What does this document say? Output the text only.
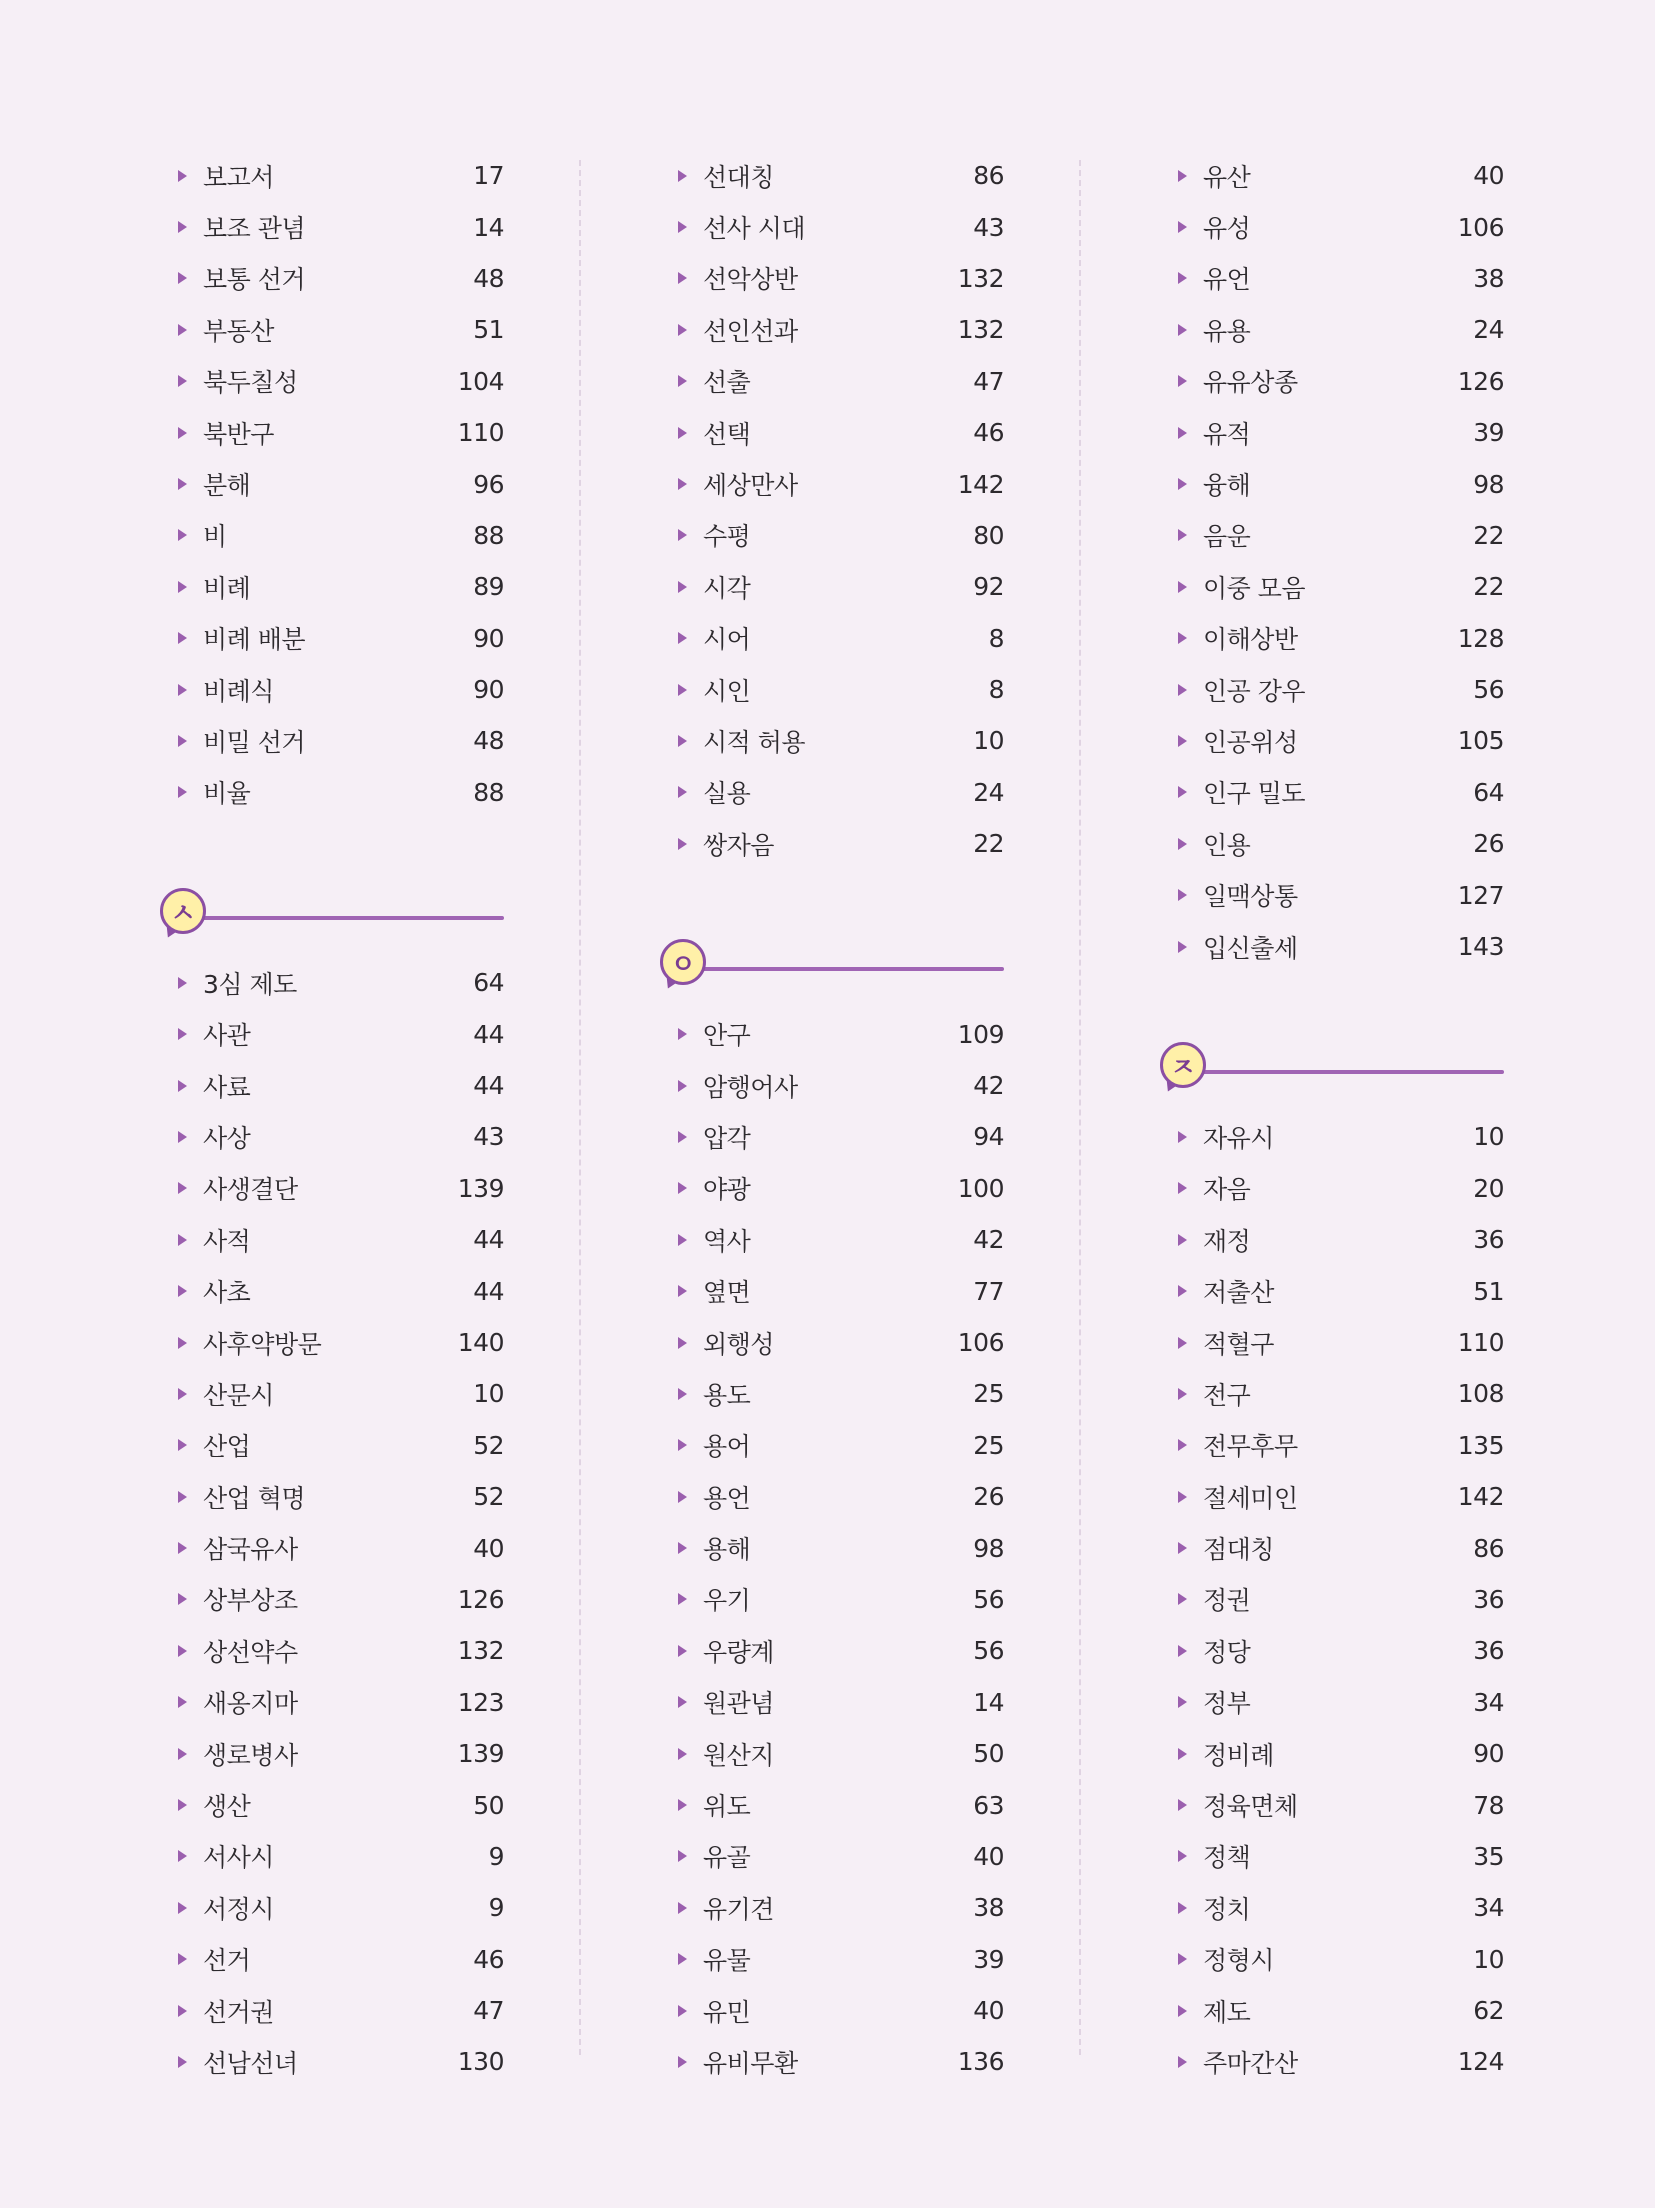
보고서	17
보조 관념	14
보통 선거	48
부동산	51
북두칠성	104
북반구	110
분해	96
비	88
비례	89
비례 배분	90
비례식	90
비밀 선거	48
비율	88
ㅅ
3심 제도	64
사관	44
사료	44
사상	43
사생결단	139
사적	44
사초	44
사후약방문	140
산문시	10
산업	52
산업 혁명	52
삼국유사	40
상부상조	126
상선약수	132
새옹지마	123
생로병사	139
생산	50
서사시	9
서정시	9
선거	46
선거권	47
선남선녀	130
선대칭	86
선사 시대	43
선악상반	132
선인선과	132
선출	47
선택	46
세상만사	142
수평	80
시각	92
시어	8
시인	8
시적 허용	10
실용	24
쌍자음	22
ㅇ
안구	109
암행어사	42
압각	94
야광	100
역사	42
옆면	77
외행성	106
용도	25
용어	25
용언	26
용해	98
우기	56
우량계	56
원관념	14
원산지	50
위도	63
유골	40
유기견	38
유물	39
유민	40
유비무환	136
유산	40
유성	106
유언	38
유용	24
유유상종	126
유적	39
융해	98
음운	22
이중 모음	22
이해상반	128
인공 강우	56
인공위성	105
인구 밀도	64
인용	26
일맥상통	127
입신출세	143
ㅈ
자유시	10
자음	20
재정	36
저출산	51
적혈구	110
전구	108
전무후무	135
절세미인	142
점대칭	86
정권	36
정당	36
정부	34
정비례	90
정육면체	78
정책	35
정치	34
정형시	10
제도	62
주마간산	124
